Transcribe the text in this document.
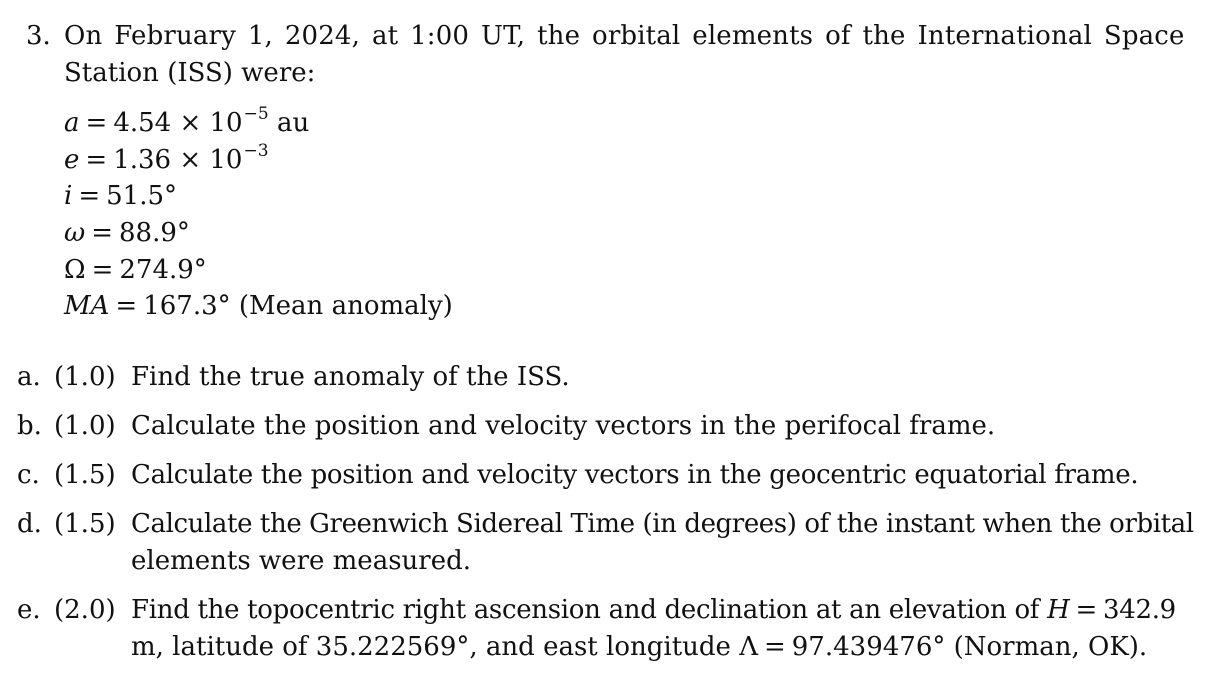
3. On February 1, 2024, at 1:00 UT, the orbital elements of the International Space
Station (ISS) were:
$a = 4.54 \times 10^{-5}$ au
$e = 1.36 \times 10^{-3}$
i = 51.5°
ω = 88.9°
Ω = 274.9°
MA = 167.3° (Mean anomaly)
a. (1.0) Find the true anomaly of the ISS.
b. (1.0) Calculate the position and velocity vectors in the perifocal frame.
c. (1.5) Calculate the position and velocity vectors in the geocentric equatorial frame.
d. (1.5) Calculate the Greenwich Sidereal Time (in degrees) of the instant when the orbital
elements were measured.
e. (2.0) Find the topocentric right ascension and declination at an elevation of H = 342.9
m, latitude of 35.222569°, and east longitude Λ = 97.439476° (Norman, OK).
